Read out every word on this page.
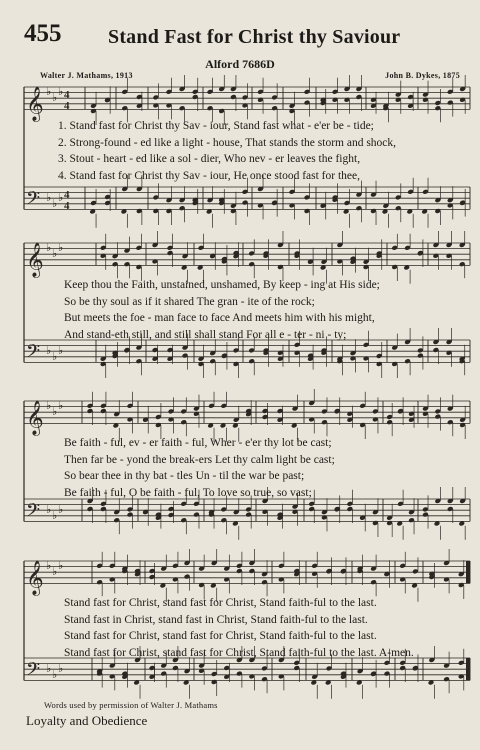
455 Stand Fast for Christ thy Saviour
Alford 7686D
Walter J. Mathams, 1913	John B. Dykes, 1875
𝄞
𝄢
♭
♭
♭
♭
♭
♭
4
4
4
4
𝄞
𝄢
♭
♭
♭
♭
♭
♭
𝄞
𝄢
♭
♭
♭
♭
♭
♭
𝄞
𝄢
♭
♭
♭
♭
♭
♭
1. Stand fast for Christ thy Sav - iour, Stand fast what - e'er be - tide;
2. Strong-found - ed like a light - house, That stands the storm and shock,
3. Stout - heart - ed like a sol - dier, Who nev - er leaves the fight,
4. Stand fast for Christ thy Sav - iour, He once stood fast for thee,
Keep thou the Faith, unstained, unshamed, By keep - ing at His side;
So be thy soul as if it shared The gran - ite of the rock;
But meets the foe - man face to face And meets him with his might,
And stand-eth still, and still shall stand For all e - ter - ni - ty;
Be faith - ful, ev - er faith - ful, Wher - e'er thy lot be cast;
Then far be - yond the break-ers Let thy calm light be cast;
So bear thee in thy bat - tles Un - til the war be past;
Be faith - ful, O be faith - ful, To love so true, so vast;
Stand fast for Christ, stand fast for Christ, Stand faith-ful to the last.
Stand fast in Christ, stand fast in Christ, Stand faith-ful to the last.
Stand fast for Christ, stand fast for Christ, Stand faith-ful to the last.
Stand fast for Christ, stand fast for Christ, Stand faith-ful to the last. A-men.
Words used by permission of Walter J. Mathams
Loyalty and Obedience
